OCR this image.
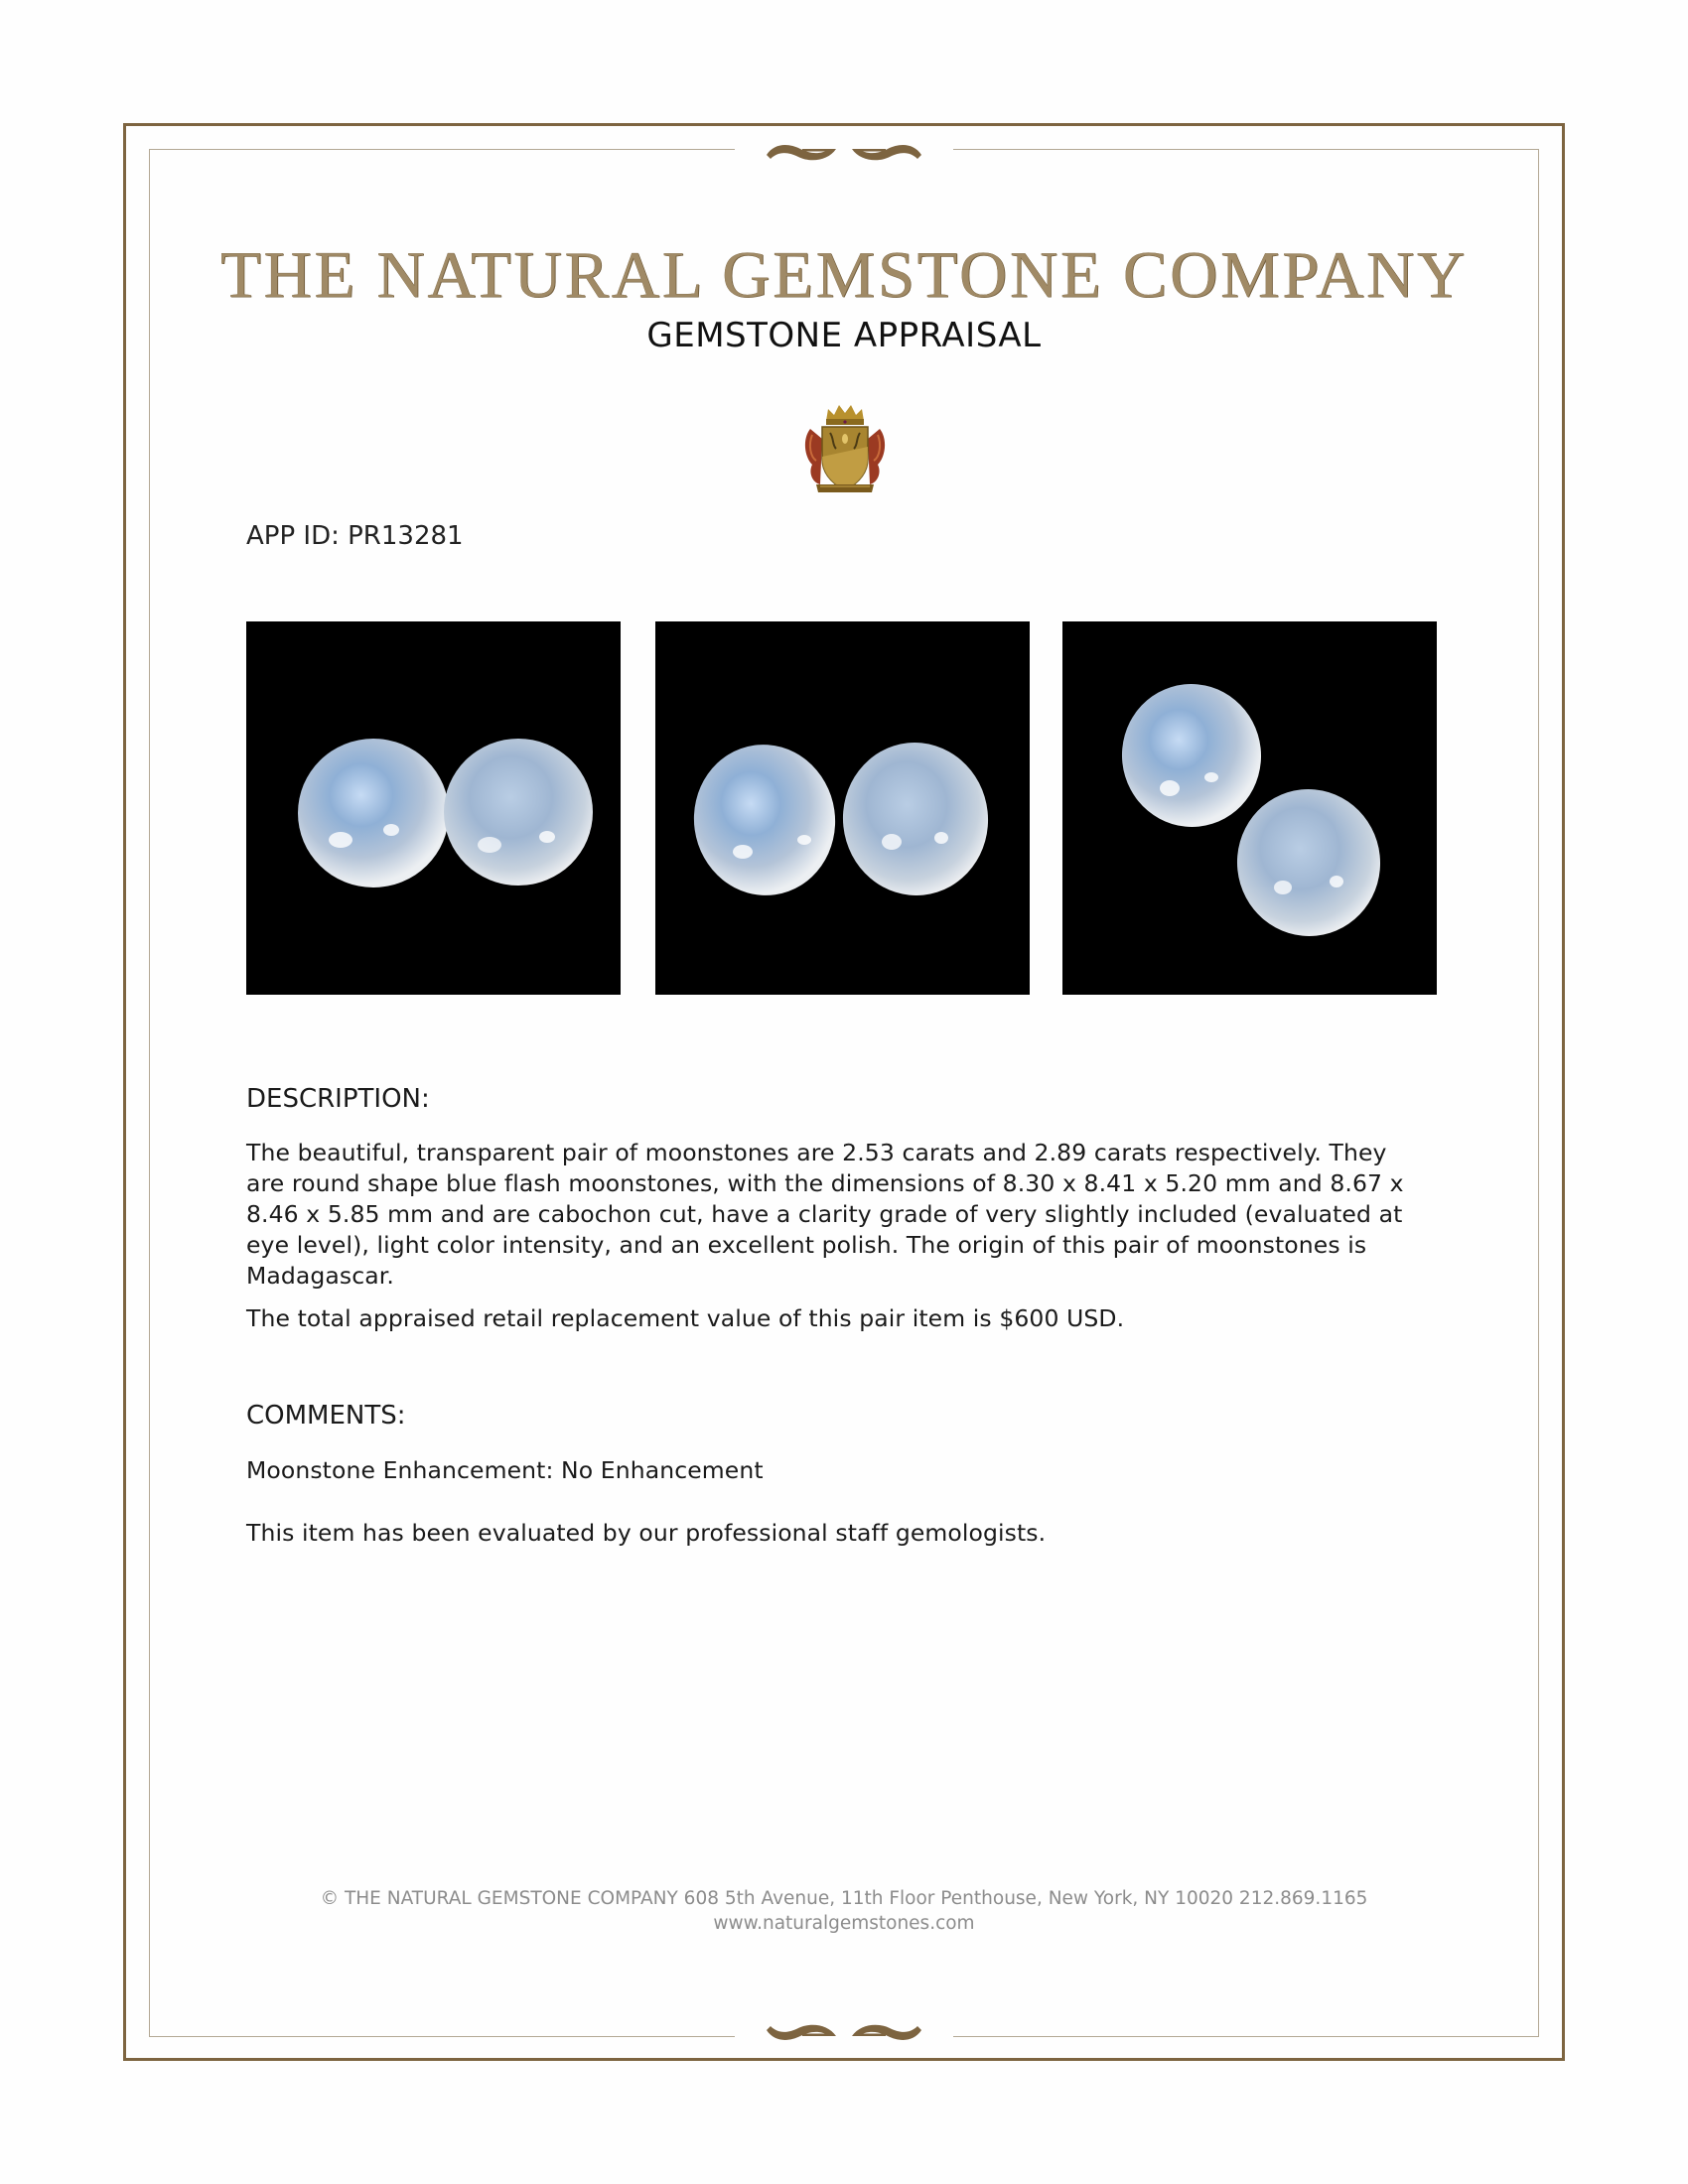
THE NATURAL GEMSTONE COMPANY
GEMSTONE APPRAISAL
APP ID: PR13281
DESCRIPTION:
The beautiful, transparent pair of moonstones are 2.53 carats and 2.89 carats respectively. They
are round shape blue flash moonstones, with the dimensions of 8.30 x 8.41 x 5.20 mm and 8.67 x
8.46 x 5.85 mm and are cabochon cut, have a clarity grade of very slightly included (evaluated at
eye level), light color intensity, and an excellent polish. The origin of this pair of moonstones is
Madagascar.
The total appraised retail replacement value of this pair item is $600 USD.
COMMENTS:
Moonstone Enhancement: No Enhancement
This item has been evaluated by our professional staff gemologists.
© THE NATURAL GEMSTONE COMPANY 608 5th Avenue, 11th Floor Penthouse, New York, NY 10020 212.869.1165
www.naturalgemstones.com
